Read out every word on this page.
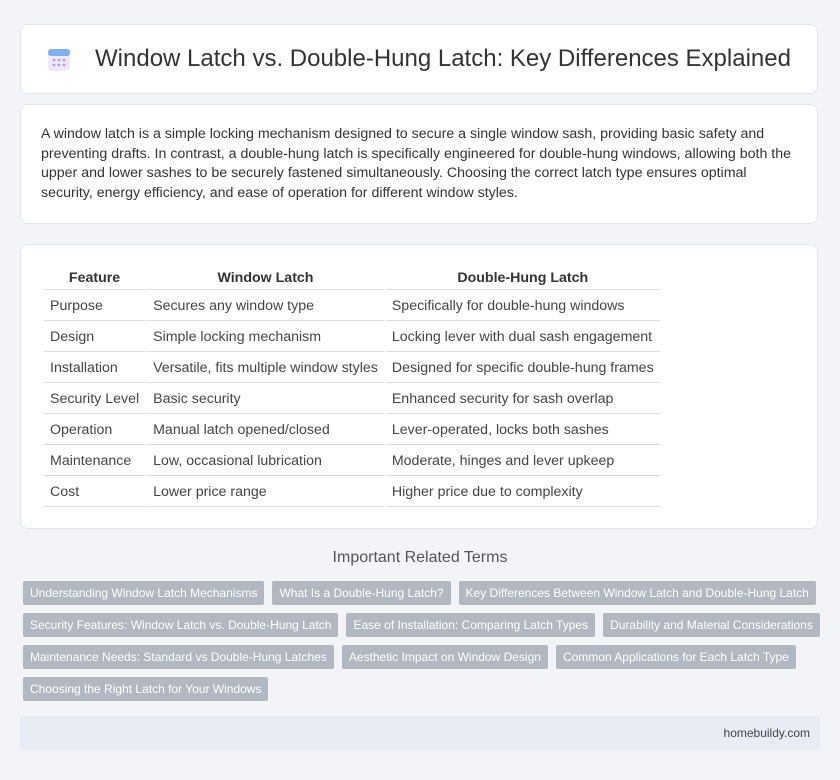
Window Latch vs. Double-Hung Latch: Key Differences Explained

A window latch is a simple locking mechanism designed to secure a single window sash, providing basic safety and preventing drafts. In contrast, a double-hung latch is specifically engineered for double-hung windows, allowing both the upper and lower sashes to be securely fastened simultaneously. Choosing the correct latch type ensures optimal security, energy efficiency, and ease of operation for different window styles.

Feature	Window Latch	Double-Hung Latch
Purpose	Secures any window type	Specifically for double-hung windows
Design	Simple locking mechanism	Locking lever with dual sash engagement
Installation	Versatile, fits multiple window styles	Designed for specific double-hung frames
Security Level	Basic security	Enhanced security for sash overlap
Operation	Manual latch opened/closed	Lever-operated, locks both sashes
Maintenance	Low, occasional lubrication	Moderate, hinges and lever upkeep
Cost	Lower price range	Higher price due to complexity
Important Related Terms
Understanding Window Latch Mechanisms	What Is a Double-Hung Latch?	Key Differences Between Window Latch and Double-Hung Latch
Security Features: Window Latch vs. Double-Hung Latch	Ease of Installation: Comparing Latch Types	Durability and Material Considerations
Maintenance Needs: Standard vs Double-Hung Latches	Aesthetic Impact on Window Design	Common Applications for Each Latch Type
Choosing the Right Latch for Your Windows
homebuildy.com
